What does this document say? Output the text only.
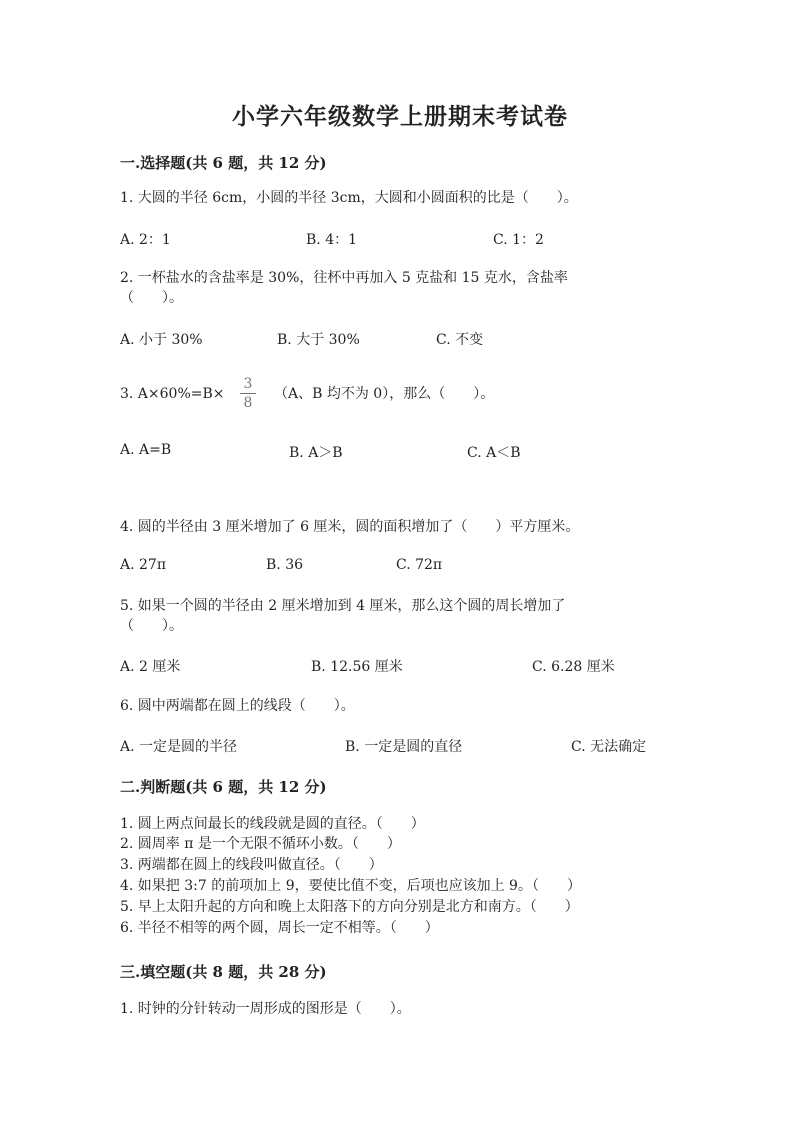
小学六年级数学上册期末考试卷
一.选择题(共 6 题，共 12 分)
1. 大圆的半径 6cm，小圆的半径 3cm，大圆和小圆面积的比是（　　）。
A. 2：1	B. 4：1	C. 1：2
2. 一杯盐水的含盐率是 30%，往杯中再加入 5 克盐和 15 克水，含盐率
（　　）。
A. 小于 30%	B. 大于 30%	C. 不变
3. A×60%=B×
3
8
（A、B 均不为 0），那么（　　）。
A. A=B	B. A＞B	C. A＜B
4. 圆的半径由 3 厘米增加了 6 厘米，圆的面积增加了（　　）平方厘米。
A. 27π	B. 36	C. 72π
5. 如果一个圆的半径由 2 厘米增加到 4 厘米，那么这个圆的周长增加了
（　　）。
A. 2 厘米	B. 12.56 厘米	C. 6.28 厘米
6. 圆中两端都在圆上的线段（　　）。
A. 一定是圆的半径	B. 一定是圆的直径	C. 无法确定
二.判断题(共 6 题，共 12 分)
1. 圆上两点间最长的线段就是圆的直径。（　　）
2. 圆周率 π 是一个无限不循环小数。（　　）
3. 两端都在圆上的线段叫做直径。（　　）
4. 如果把 3:7 的前项加上 9，要使比值不变，后项也应该加上 9。（　　）
5. 早上太阳升起的方向和晚上太阳落下的方向分别是北方和南方。（　　）
6. 半径不相等的两个圆，周长一定不相等。（　　）
三.填空题(共 8 题，共 28 分)
1. 时钟的分针转动一周形成的图形是（　　）。
